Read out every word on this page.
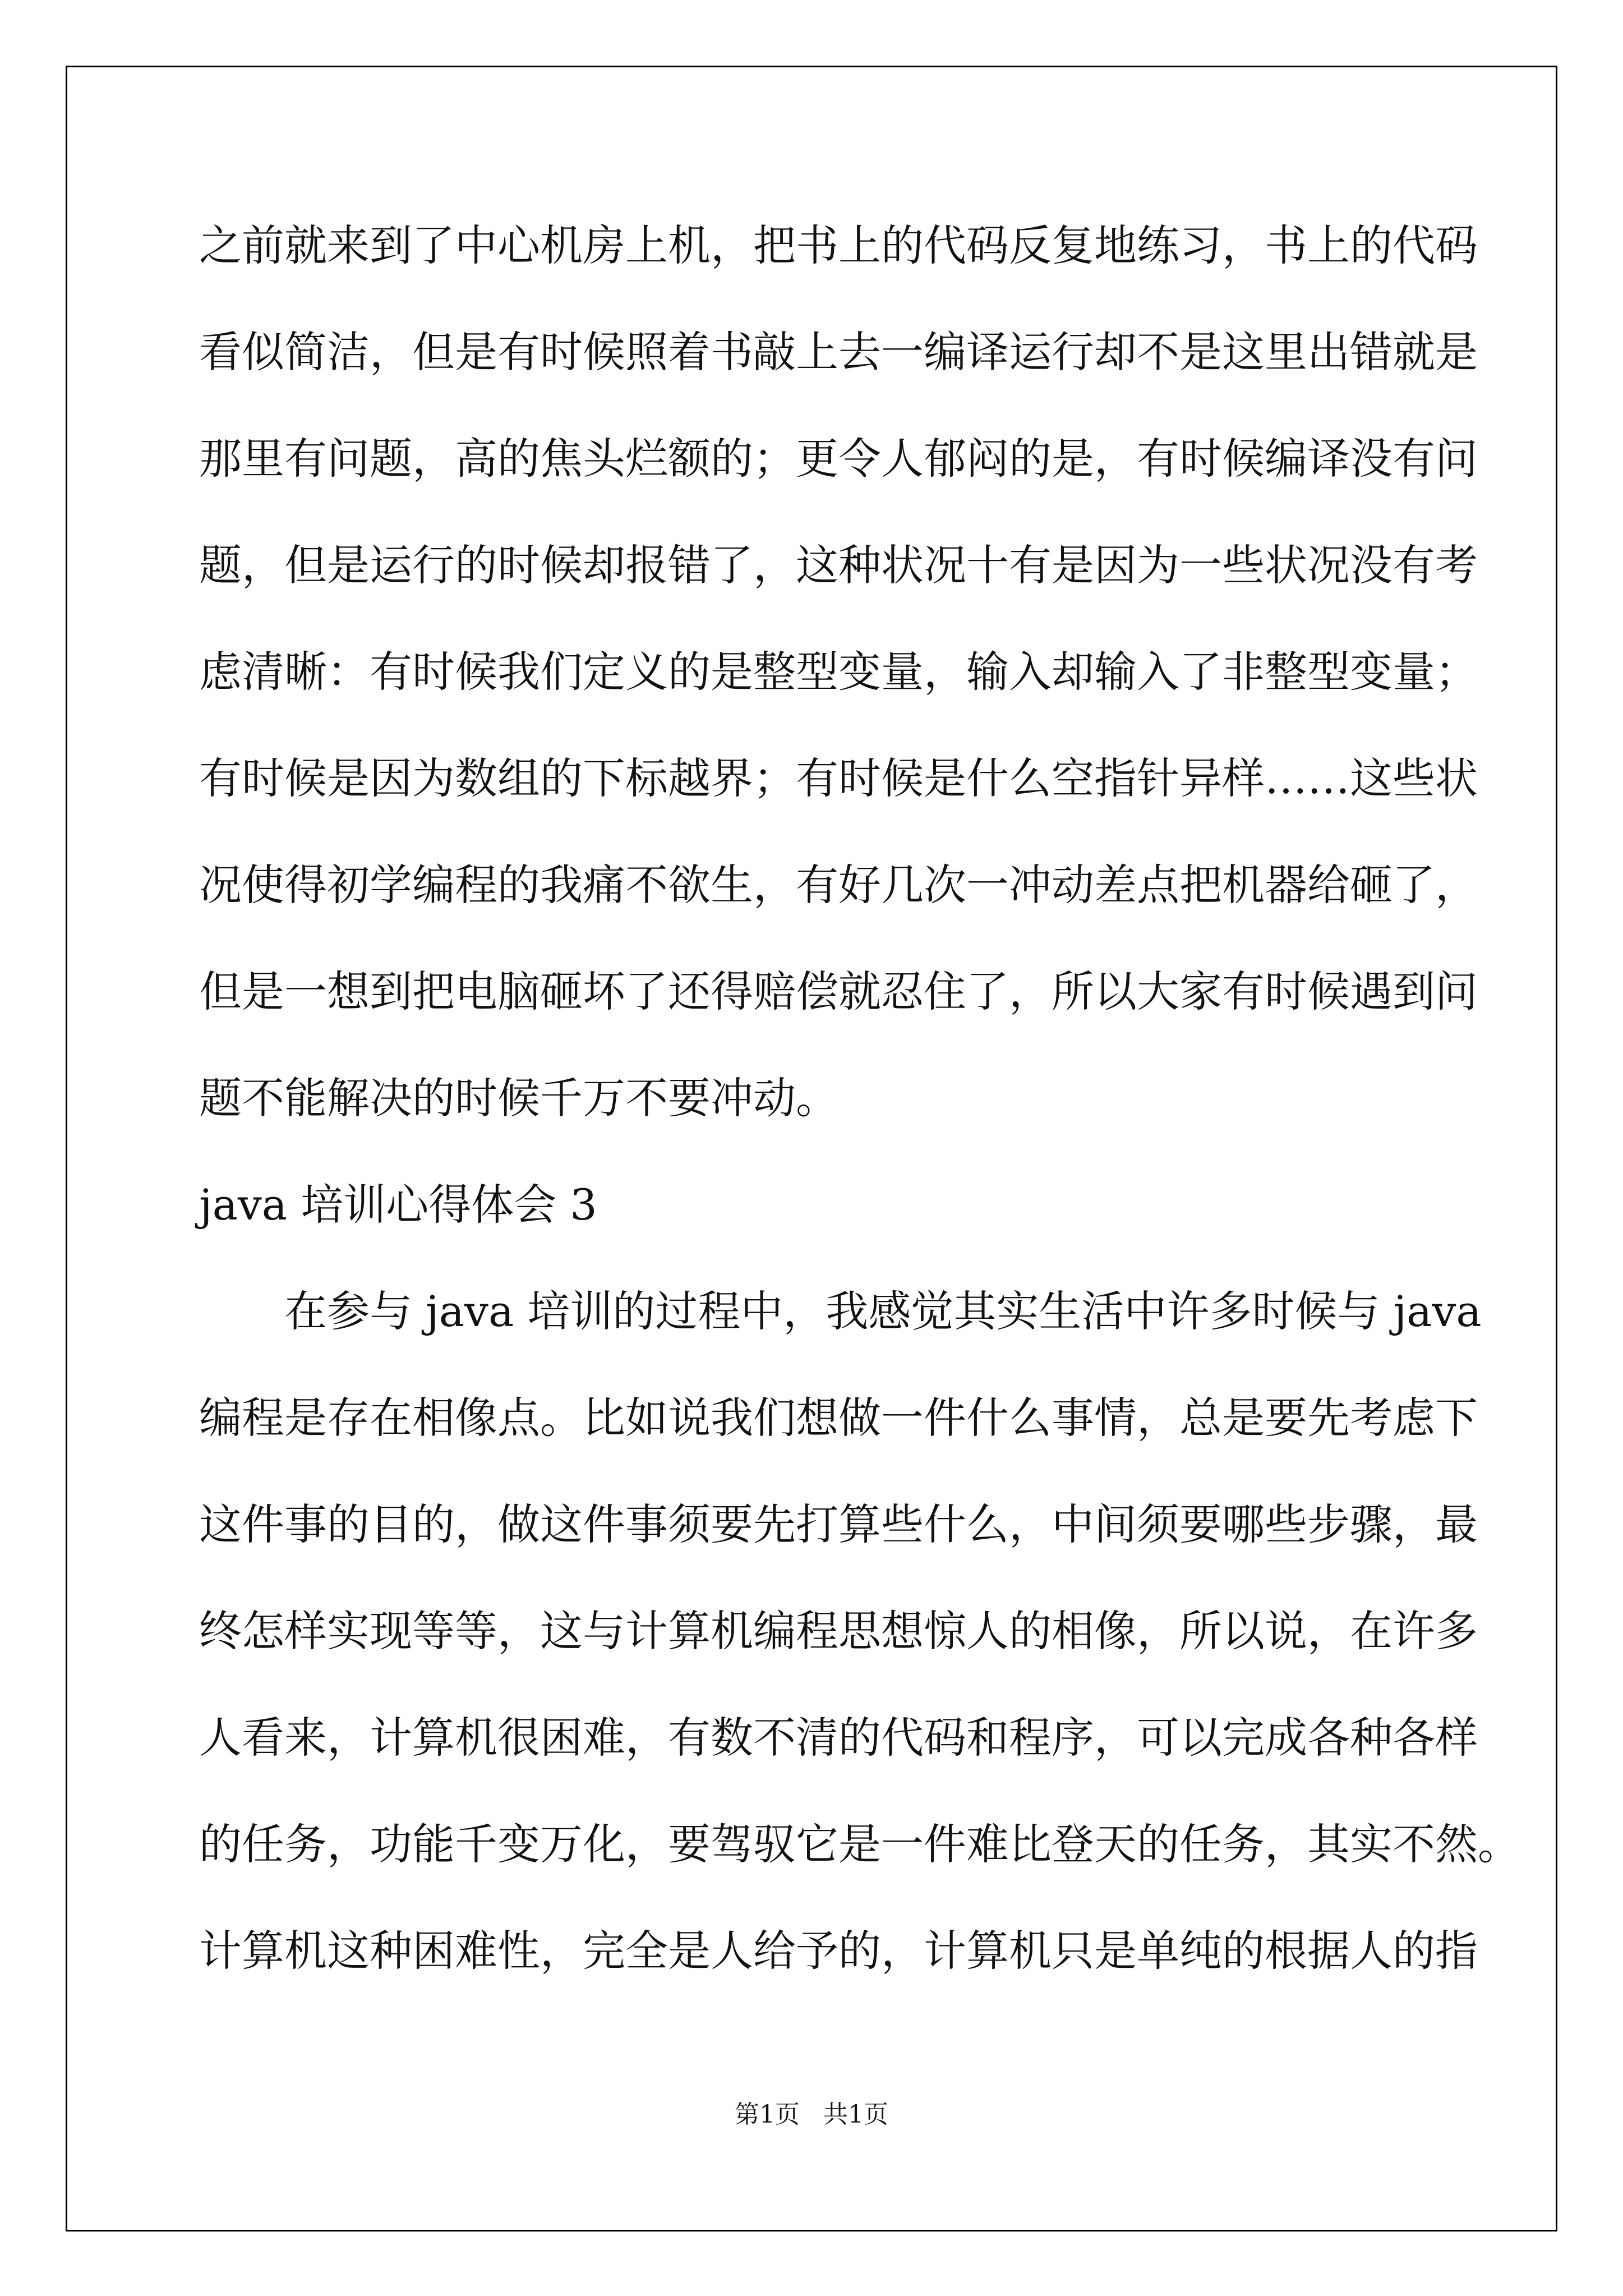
之前就来到了中心机房上机，把书上的代码反复地练习，书上的代码
看似简洁，但是有时候照着书敲上去一编译运行却不是这里出错就是
那里有问题，高的焦头烂额的；更令人郁闷的是，有时候编译没有问
题，但是运行的时候却报错了，这种状况十有是因为一些状况没有考
虑清晰：有时候我们定义的是整型变量，输入却输入了非整型变量；
有时候是因为数组的下标越界；有时候是什么空指针异样……这些状
况使得初学编程的我痛不欲生，有好几次一冲动差点把机器给砸了，
但是一想到把电脑砸坏了还得赔偿就忍住了，所以大家有时候遇到问
题不能解决的时候千万不要冲动。
java 培训心得体会 3
　　在参与 java 培训的过程中，我感觉其实生活中许多时候与 java
编程是存在相像点。比如说我们想做一件什么事情，总是要先考虑下
这件事的目的，做这件事须要先打算些什么，中间须要哪些步骤，最
终怎样实现等等，这与计算机编程思想惊人的相像，所以说，在许多
人看来，计算机很困难，有数不清的代码和程序，可以完成各种各样
的任务，功能千变万化，要驾驭它是一件难比登天的任务，其实不然。
计算机这种困难性，完全是人给予的，计算机只是单纯的根据人的指
第1页   共1页
